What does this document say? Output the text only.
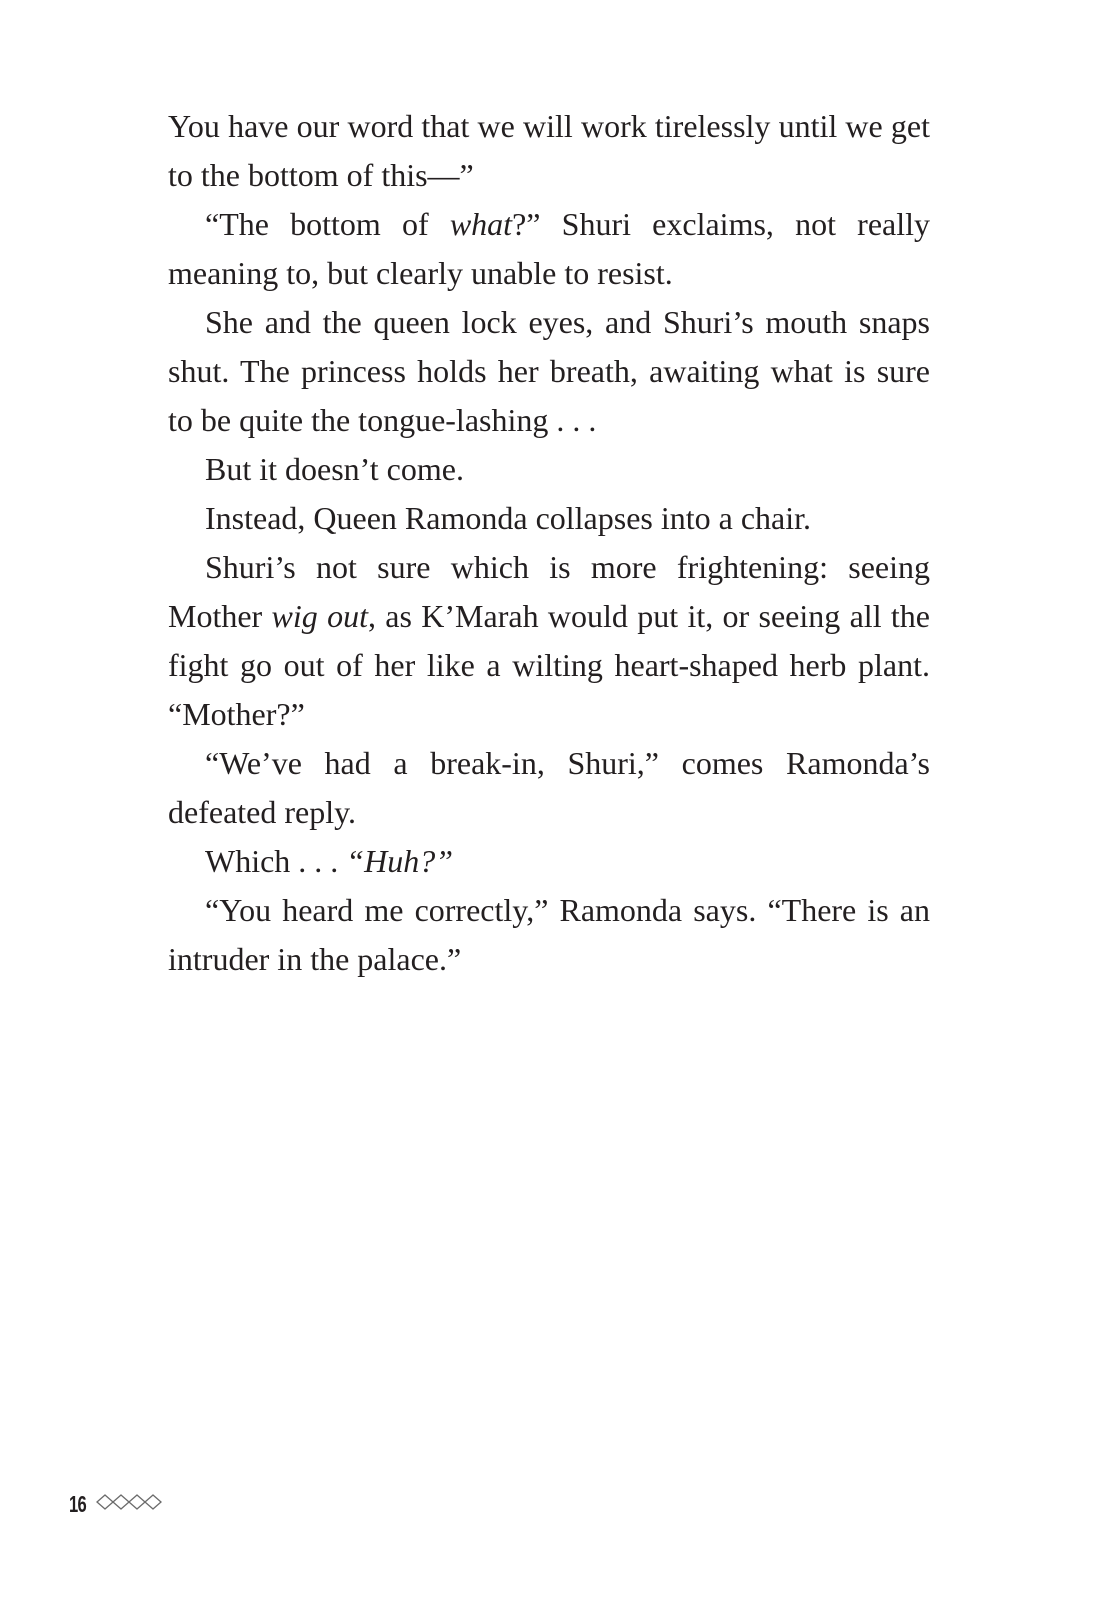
You have our word that we will work tirelessly until we get to the bottom of this—”

“The bottom of what?” Shuri exclaims, not really meaning to, but clearly unable to resist.

She and the queen lock eyes, and Shuri’s mouth snaps shut. The princess holds her breath, awaiting what is sure to be quite the tongue-lashing . . .

But it doesn’t come.

Instead, Queen Ramonda collapses into a chair.

Shuri’s not sure which is more frightening: seeing Mother wig out, as K’Marah would put it, or seeing all the fight go out of her like a wilting heart-shaped herb plant. “Mother?”

“We’ve had a break-in, Shuri,” comes Ramonda’s defeated reply.

Which . . . “Huh?”

“You heard me correctly,” Ramonda says. “There is an intruder in the palace.”

16
